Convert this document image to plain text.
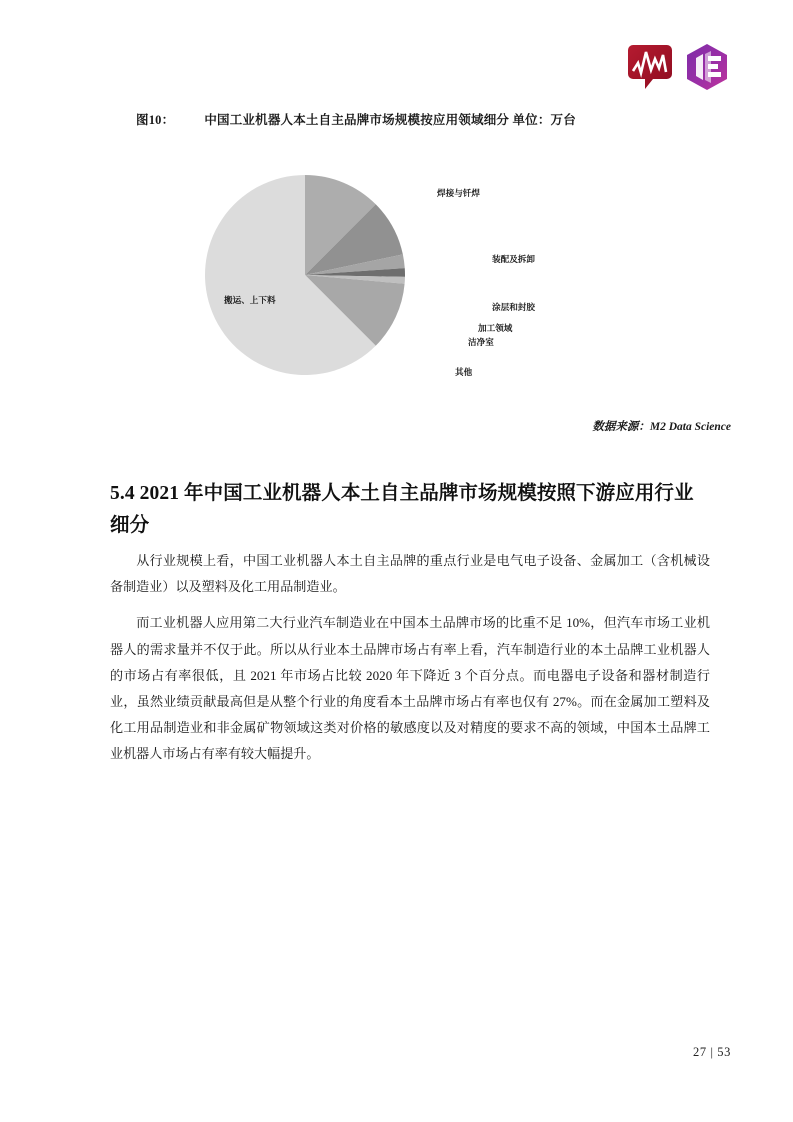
图10： 中国工业机器人本土自主品牌市场规模按应用领域细分 单位：万台
焊接与钎焊
装配及拆卸
涂层和封胶
加工领域
洁净室
其他
搬运、上下料
数据来源：M2 Data Science
5.4 2021 年中国工业机器人本土自主品牌市场规模按照下游应用行业细分

从行业规模上看，中国工业机器人本土自主品牌的重点行业是电气电子设备、金属加工（含机械设备制造业）以及塑料及化工用品制造业。

而工业机器人应用第二大行业汽车制造业在中国本土品牌市场的比重不足 10%，但汽车市场工业机器人的需求量并不仅于此。所以从行业本土品牌市场占有率上看，汽车制造行业的本土品牌工业机器人的市场占有率很低，且 2021 年市场占比较 2020 年下降近 3 个百分点。而电器电子设备和器材制造行业，虽然业绩贡献最高但是从整个行业的角度看本土品牌市场占有率也仅有 27%。而在金属加工塑料及化工用品制造业和非金属矿物领域这类对价格的敏感度以及对精度的要求不高的领域，中国本土品牌工业机器人市场占有率有较大幅提升。

27 | 53
